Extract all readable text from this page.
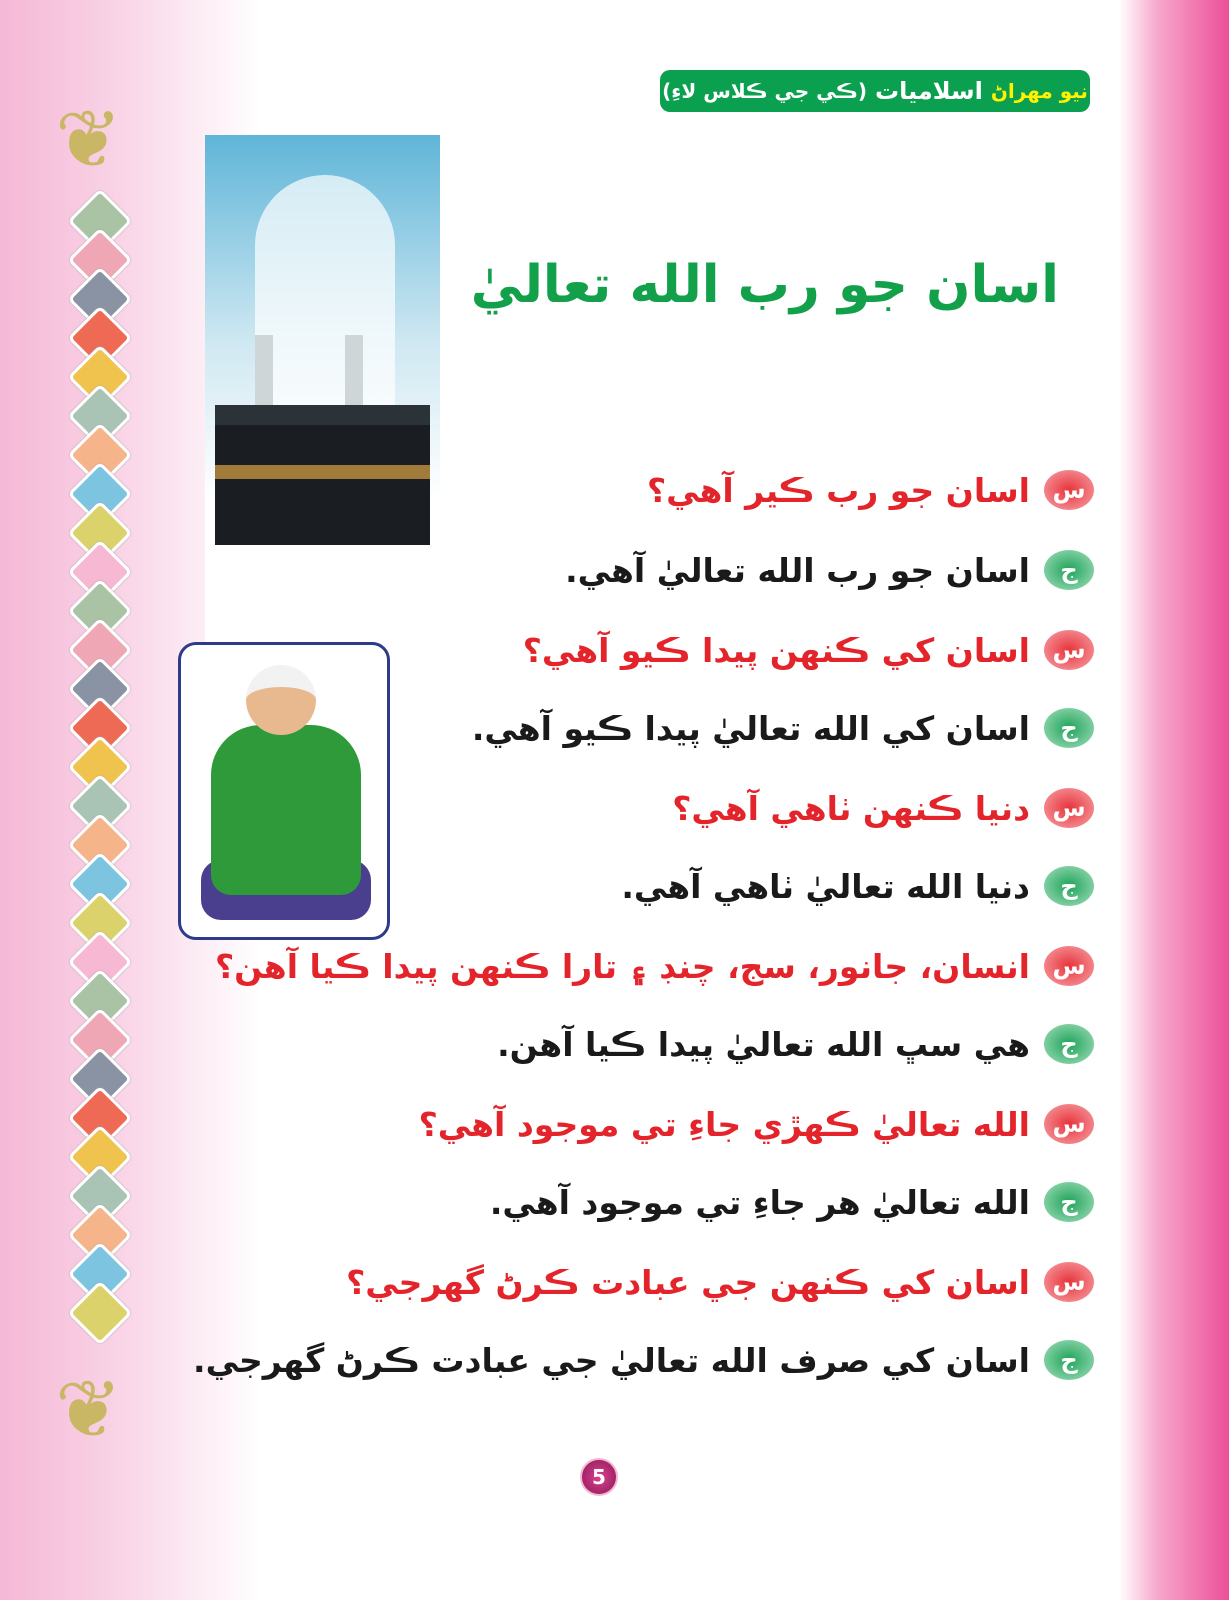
❦
❦
نيو مهراڻ
اسلاميات
(ڪي جي ڪلاس لاءِ)
اسان جو رب الله تعاليٰ
س
اسان جو رب ڪير آهي؟
ج
اسان جو رب الله تعاليٰ آهي.
س
اسان کي ڪنهن پيدا ڪيو آهي؟
ج
اسان کي الله تعاليٰ پيدا ڪيو آهي.
س
دنيا ڪنهن ٺاهي آهي؟
ج
دنيا الله تعاليٰ ٺاهي آهي.
س
انسان، جانور، سج، چنڊ ۽ تارا ڪنهن پيدا ڪيا آهن؟
ج
هي سڀ الله تعاليٰ پيدا ڪيا آهن.
س
الله تعاليٰ ڪهڙي جاءِ تي موجود آهي؟
ج
الله تعاليٰ هر جاءِ تي موجود آهي.
س
اسان کي ڪنهن جي عبادت ڪرڻ گهرجي؟
ج
اسان کي صرف الله تعاليٰ جي عبادت ڪرڻ گهرجي.
5
